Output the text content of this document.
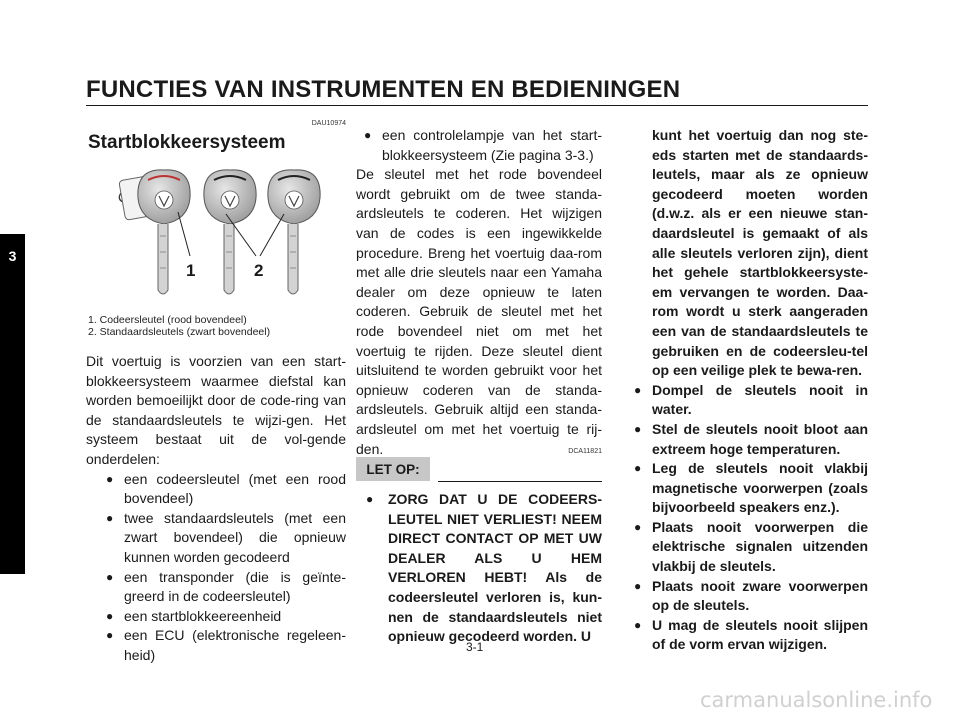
FUNCTIES VAN INSTRUMENTEN EN BEDIENINGEN
3
DAU10974
Startblokkeersysteem
1	2
1. Codeersleutel (rood bovendeel)
2. Standaardsleutels (zwart bovendeel)
Dit voertuig is voorzien van een start-blokkeersysteem waarmee diefstal kan worden bemoeilijkt door de code-ring van de standaardsleutels te wijzi-gen. Het systeem bestaat uit de vol-gende onderdelen:
● een codeersleutel (met een rood bovendeel)
● twee standaardsleutels (met een zwart bovendeel) die opnieuw kunnen worden gecodeerd
● een transponder (die is geïnte-greerd in de codeersleutel)
● een startblokkeereenheid
● een ECU (elektronische regeleen-heid)
● een controlelampje van het start-blokkeersysteem (Zie pagina 3-3.)
De sleutel met het rode bovendeel wordt gebruikt om de twee standa-ardsleutels te coderen. Het wijzigen van de codes is een ingewikkelde procedure. Breng het voertuig daa-rom met alle drie sleutels naar een Yamaha dealer om deze opnieuw te laten coderen. Gebruik de sleutel met het rode bovendeel niet om met het voertuig te rijden. Deze sleutel dient uitsluitend te worden gebruikt voor het opnieuw coderen van de standa-ardsleutels. Gebruik altijd een standa-ardsleutel om met het voertuig te rij-den.	DCA11821
LET OP:
● ZORG DAT U DE CODEERS-LEUTEL NIET VERLIEST! NEEM DIRECT CONTACT OP MET UW DEALER ALS U HEM VERLOREN HEBT! Als de codeersleutel verloren is, kun-nen de standaardsleutels niet opnieuw gecodeerd worden. U
kunt het voertuig dan nog ste-eds starten met de standaards-leutels, maar als ze opnieuw gecodeerd moeten worden (d.w.z. als er een nieuwe stan-daardsleutel is gemaakt of als alle sleutels verloren zijn), dient het gehele startblokkeersyste-em vervangen te worden. Daa-rom wordt u sterk aangeraden een van de standaardsleutels te gebruiken en de codeersleu-tel op een veilige plek te bewa-ren.
● Dompel de sleutels nooit in water.
● Stel de sleutels nooit bloot aan extreem hoge temperaturen.
● Leg de sleutels nooit vlakbij magnetische voorwerpen (zoals bijvoorbeeld speakers enz.).
● Plaats nooit voorwerpen die elektrische signalen uitzenden vlakbij de sleutels.
● Plaats nooit zware voorwerpen op de sleutels.
● U mag de sleutels nooit slijpen of de vorm ervan wijzigen.
3-1
carmanualsonline.info
